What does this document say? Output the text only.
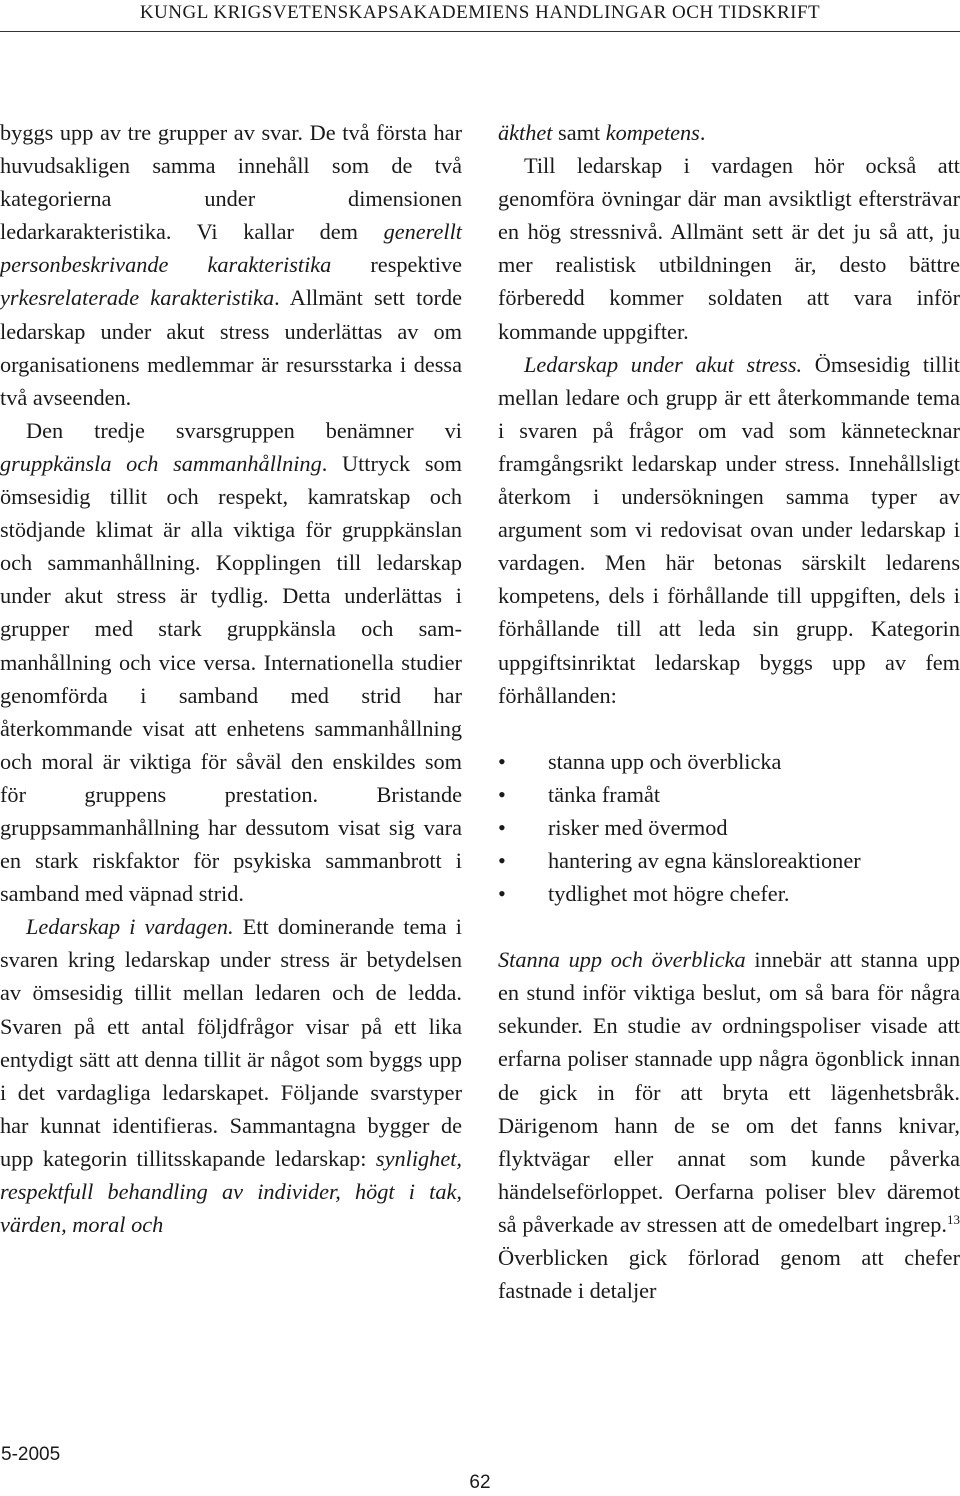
KUNGL KRIGSVETENSKAPSAKADEMIENS HANDLINGAR OCH TIDSKRIFT

byggs upp av tre grupper av svar. De två första har huvudsakligen samma innehåll som de två kategorierna under dimensionen ledarkarakteristika. Vi kallar dem generellt personbeskrivande karakteristika respektive yrkesrelaterade karakteristika. Allmänt sett torde ledarskap under akut stress underlättas av om organisationens medlemmar är resursstarka i dessa två avseenden.

Den tredje svarsgruppen benämner vi gruppkänsla och sammanhållning. Uttryck som ömsesidig tillit och respekt, kamratskap och stödjande klimat är alla viktiga för gruppkänslan och sammanhållning. Kopplingen till ledarskap under akut stress är tydlig. Detta underlättas i grupper med stark gruppkänsla och sammanhållning och vice versa. Internationella studier genomförda i samband med strid har återkommande visat att enhetens sammanhållning och moral är viktiga för såväl den enskildes som för gruppens prestation. Bristande gruppsammanhållning har dessutom visat sig vara en stark riskfaktor för psykiska sammanbrott i samband med väpnad strid.

Ledarskap i vardagen. Ett dominerande tema i svaren kring ledarskap under stress är betydelsen av ömsesidig tillit mellan ledaren och de ledda. Svaren på ett antal följdfrågor visar på ett lika entydigt sätt att denna tillit är något som byggs upp i det vardagliga ledarskapet. Följande svarstyper har kunnat identifieras. Sammantagna bygger de upp kategorin tillitsskapande ledarskap: synlighet, respektfull behandling av individer, högt i tak, värden, moral och

äkthet samt kompetens.

Till ledarskap i vardagen hör också att genomföra övningar där man avsiktligt eftersträvar en hög stressnivå. Allmänt sett är det ju så att, ju mer realistisk utbildningen är, desto bättre förberedd kommer soldaten att vara inför kommande uppgifter.

Ledarskap under akut stress. Ömsesidig tillit mellan ledare och grupp är ett återkommande tema i svaren på frågor om vad som kännetecknar framgångsrikt ledarskap under stress. Innehållsligt återkom i undersökningen samma typer av argument som vi redovisat ovan under ledarskap i vardagen. Men här betonas särskilt ledarens kompetens, dels i förhållande till uppgiften, dels i förhållande till att leda sin grupp. Kategorin uppgiftsinriktat ledarskap byggs upp av fem förhållanden:

• stanna upp och överblicka
• tänka framåt
• risker med övermod
• hantering av egna känsloreaktioner
• tydlighet mot högre chefer.

Stanna upp och överblicka innebär att stanna upp en stund inför viktiga beslut, om så bara för några sekunder. En studie av ordningspoliser visade att erfarna poliser stannade upp några ögonblick innan de gick in för att bryta ett lägenhetsbråk. Därigenom hann de se om det fanns knivar, flyktvägar eller annat som kunde påverka händelseförloppet. Oerfarna poliser blev däremot så påverkade av stressen att de omedelbart ingrep.$^{13}$ Överblicken gick förlorad genom att chefer fastnade i detaljer

5-2005
62
